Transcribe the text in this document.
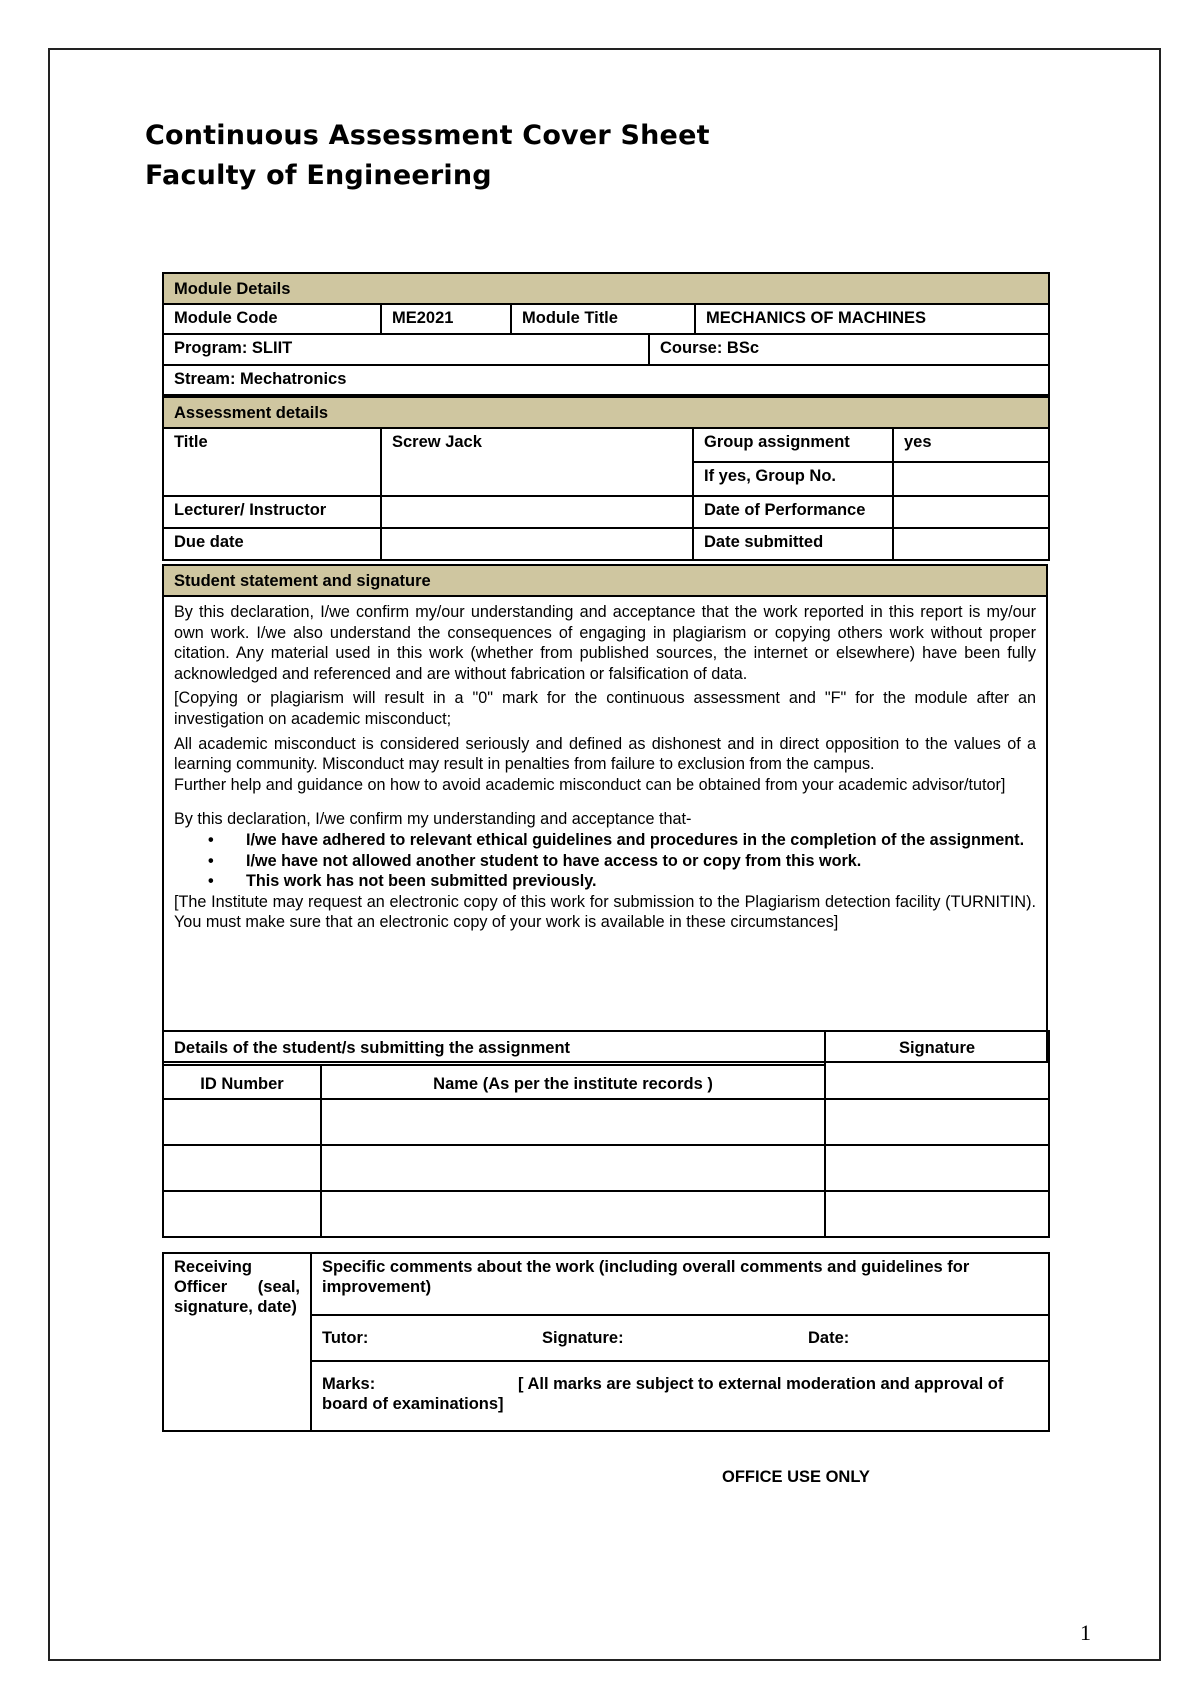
Continuous Assessment Cover Sheet
Faculty of Engineering
Module Details
Module Code	ME2021	Module Title	MECHANICS OF MACHINES
Program: SLIIT	Course: BSc
Stream: Mechatronics
Assessment details			
Title	Screw Jack	Group assignment	yes
		If yes, Group No.	
Lecturer/ Instructor		Date of Performance	
Due date		Date submitted	
Student statement and signature

By this declaration, I/we confirm my/our understanding and acceptance that the work reported in this report is my/our own work. I/we also understand the consequences of engaging in plagiarism or copying others work without proper citation. Any material used in this work (whether from published sources, the internet or elsewhere) have been fully acknowledged and referenced and are without fabrication or falsification of data.

[Copying or plagiarism will result in a "0" mark for the continuous assessment and "F" for the module after an investigation on academic misconduct;

All academic misconduct is considered seriously and defined as dishonest and in direct opposition to the values of a learning community. Misconduct may result in penalties from failure to exclusion from the campus.

Further help and guidance on how to avoid academic misconduct can be obtained from your academic advisor/tutor]

By this declaration, I/we confirm my understanding and acceptance that-

• I/we have adhered to relevant ethical guidelines and procedures in the completion of the assignment.
• I/we have not allowed another student to have access to or copy from this work.
• This work has not been submitted previously.

[The Institute may request an electronic copy of this work for submission to the Plagiarism detection facility (TURNITIN). You must make sure that an electronic copy of your work is available in these circumstances]

Details of the student/s submitting the assignment		Signature
ID Number	Name (As per the institute records )	

Receiving Officer (seal, signature, date)	Specific comments about the work (including overall comments and guidelines for improvement)
Tutor:	Signature:	Date:

Marks:	[ All marks are subject to external moderation and approval of board of examinations]
OFFICE USE ONLY
1
